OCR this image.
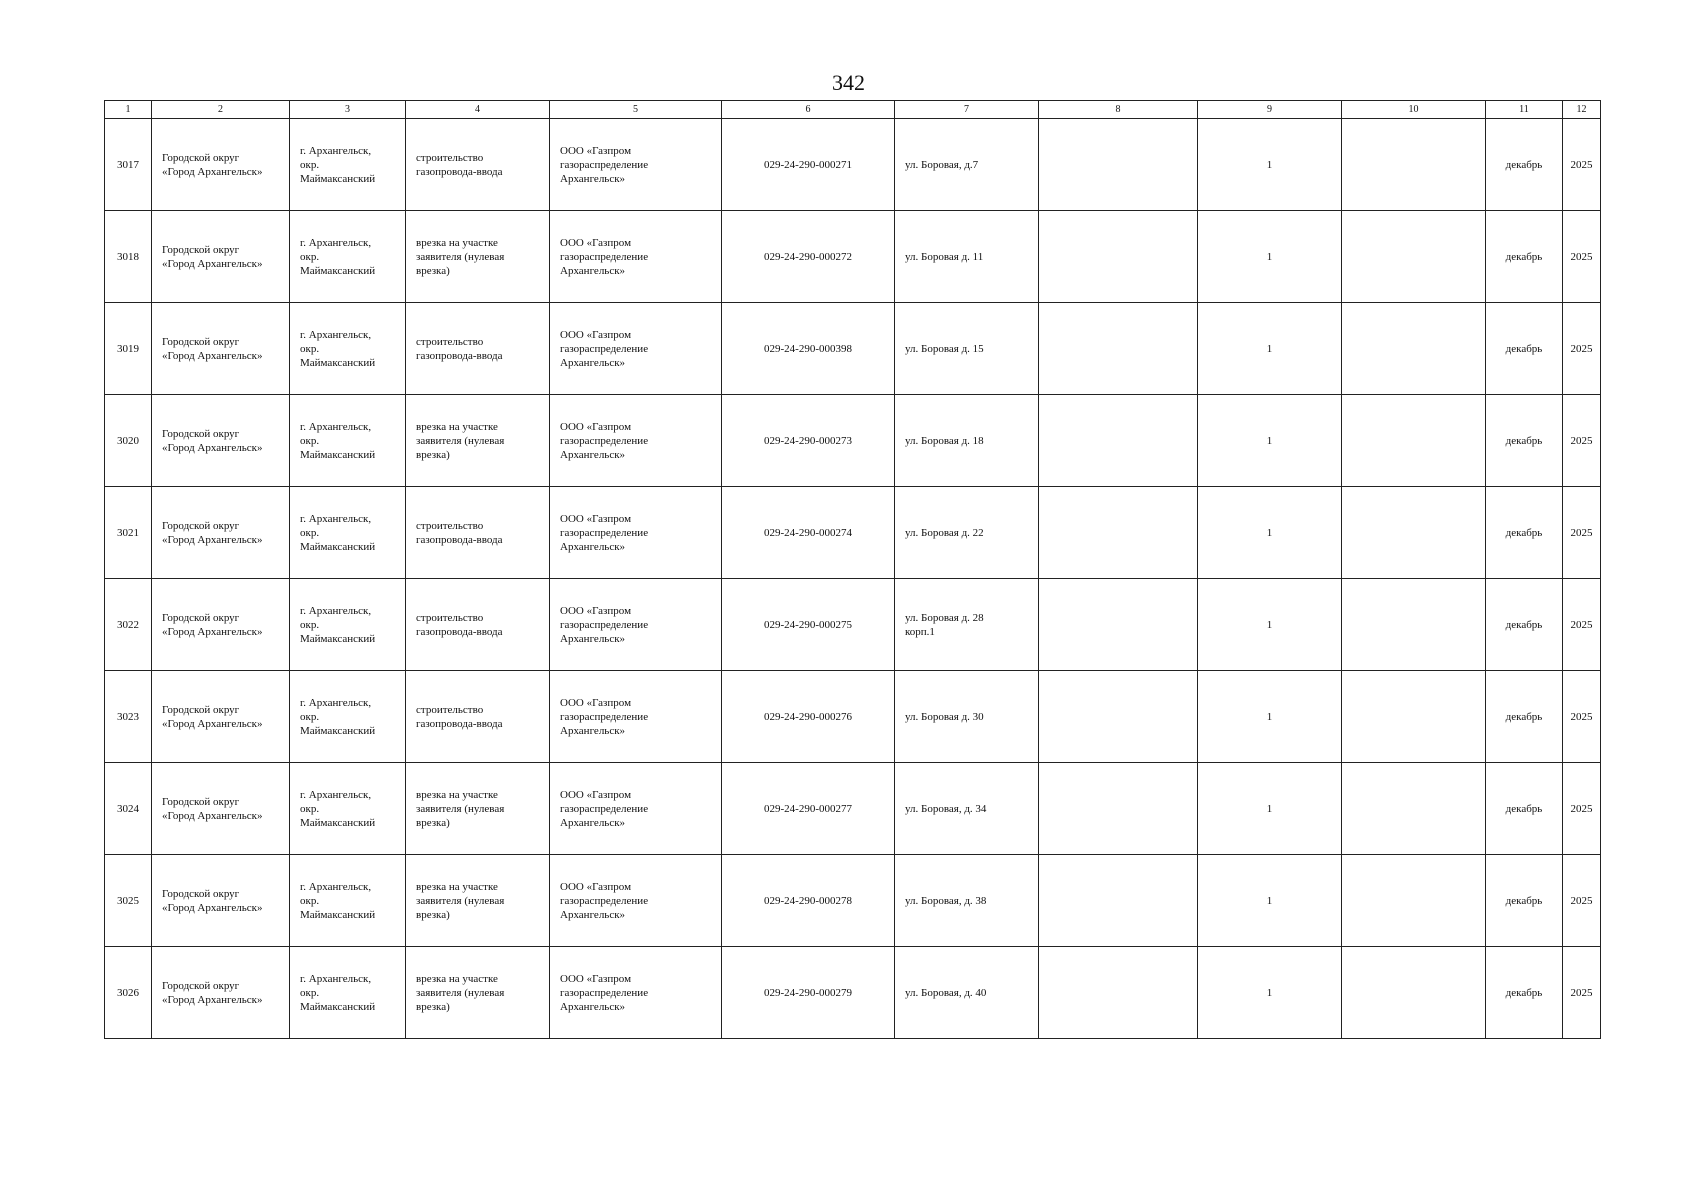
342
1	2	3	4	5	6	7	8	9	10	11	12
3017	Городской округ
«Город Архангельск»	г. Архангельск,
окр.
Маймаксанский	строительство
газопровода-ввода	ООО «Газпром
газораспределение
Архангельск»	029-24-290-000271	ул. Боровая, д.7		1		декабрь	2025
3018	Городской округ
«Город Архангельск»	г. Архангельск,
окр.
Маймаксанский	врезка на участке
заявителя (нулевая
врезка)	ООО «Газпром
газораспределение
Архангельск»	029-24-290-000272	ул. Боровая д. 11		1		декабрь	2025
3019	Городской округ
«Город Архангельск»	г. Архангельск,
окр.
Маймаксанский	строительство
газопровода-ввода	ООО «Газпром
газораспределение
Архангельск»	029-24-290-000398	ул. Боровая д. 15		1		декабрь	2025
3020	Городской округ
«Город Архангельск»	г. Архангельск,
окр.
Маймаксанский	врезка на участке
заявителя (нулевая
врезка)	ООО «Газпром
газораспределение
Архангельск»	029-24-290-000273	ул. Боровая д. 18		1		декабрь	2025
3021	Городской округ
«Город Архангельск»	г. Архангельск,
окр.
Маймаксанский	строительство
газопровода-ввода	ООО «Газпром
газораспределение
Архангельск»	029-24-290-000274	ул. Боровая д. 22		1		декабрь	2025
3022	Городской округ
«Город Архангельск»	г. Архангельск,
окр.
Маймаксанский	строительство
газопровода-ввода	ООО «Газпром
газораспределение
Архангельск»	029-24-290-000275	ул. Боровая д. 28
корп.1		1		декабрь	2025
3023	Городской округ
«Город Архангельск»	г. Архангельск,
окр.
Маймаксанский	строительство
газопровода-ввода	ООО «Газпром
газораспределение
Архангельск»	029-24-290-000276	ул. Боровая д. 30		1		декабрь	2025
3024	Городской округ
«Город Архангельск»	г. Архангельск,
окр.
Маймаксанский	врезка на участке
заявителя (нулевая
врезка)	ООО «Газпром
газораспределение
Архангельск»	029-24-290-000277	ул. Боровая, д. 34		1		декабрь	2025
3025	Городской округ
«Город Архангельск»	г. Архангельск,
окр.
Маймаксанский	врезка на участке
заявителя (нулевая
врезка)	ООО «Газпром
газораспределение
Архангельск»	029-24-290-000278	ул. Боровая, д. 38		1		декабрь	2025
3026	Городской округ
«Город Архангельск»	г. Архангельск,
окр.
Маймаксанский	врезка на участке
заявителя (нулевая
врезка)	ООО «Газпром
газораспределение
Архангельск»	029-24-290-000279	ул. Боровая, д. 40		1		декабрь	2025
